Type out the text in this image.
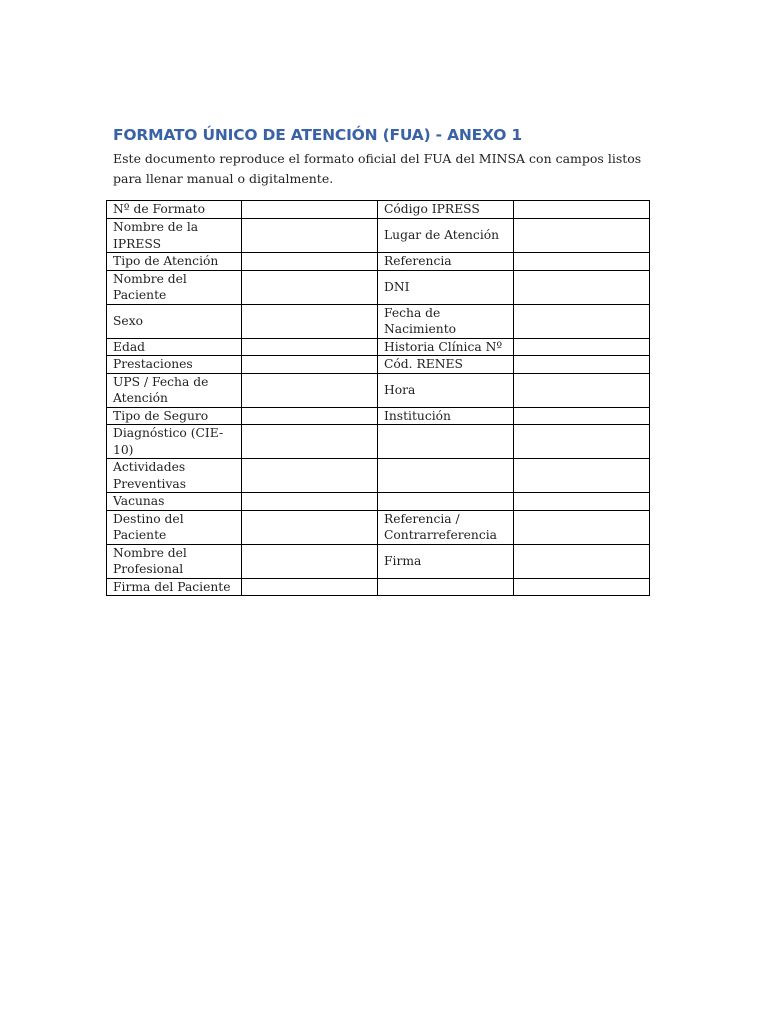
FORMATO ÚNICO DE ATENCIÓN (FUA) - ANEXO 1

Este documento reproduce el formato oficial del FUA del MINSA con campos listos para llenar manual o digitalmente.

Nº de Formato		Código IPRESS	
Nombre de la IPRESS		Lugar de Atención	
Tipo de Atención		Referencia	
Nombre del Paciente		DNI	
Sexo		Fecha de Nacimiento	
Edad		Historia Clínica Nº	
Prestaciones		Cód. RENES	
UPS / Fecha de Atención		Hora	
Tipo de Seguro		Institución	
Diagnóstico (CIE-10)			
Actividades Preventivas			
Vacunas			
Destino del Paciente		Referencia / Contrarreferencia	
Nombre del Profesional		Firma	
Firma del Paciente			
